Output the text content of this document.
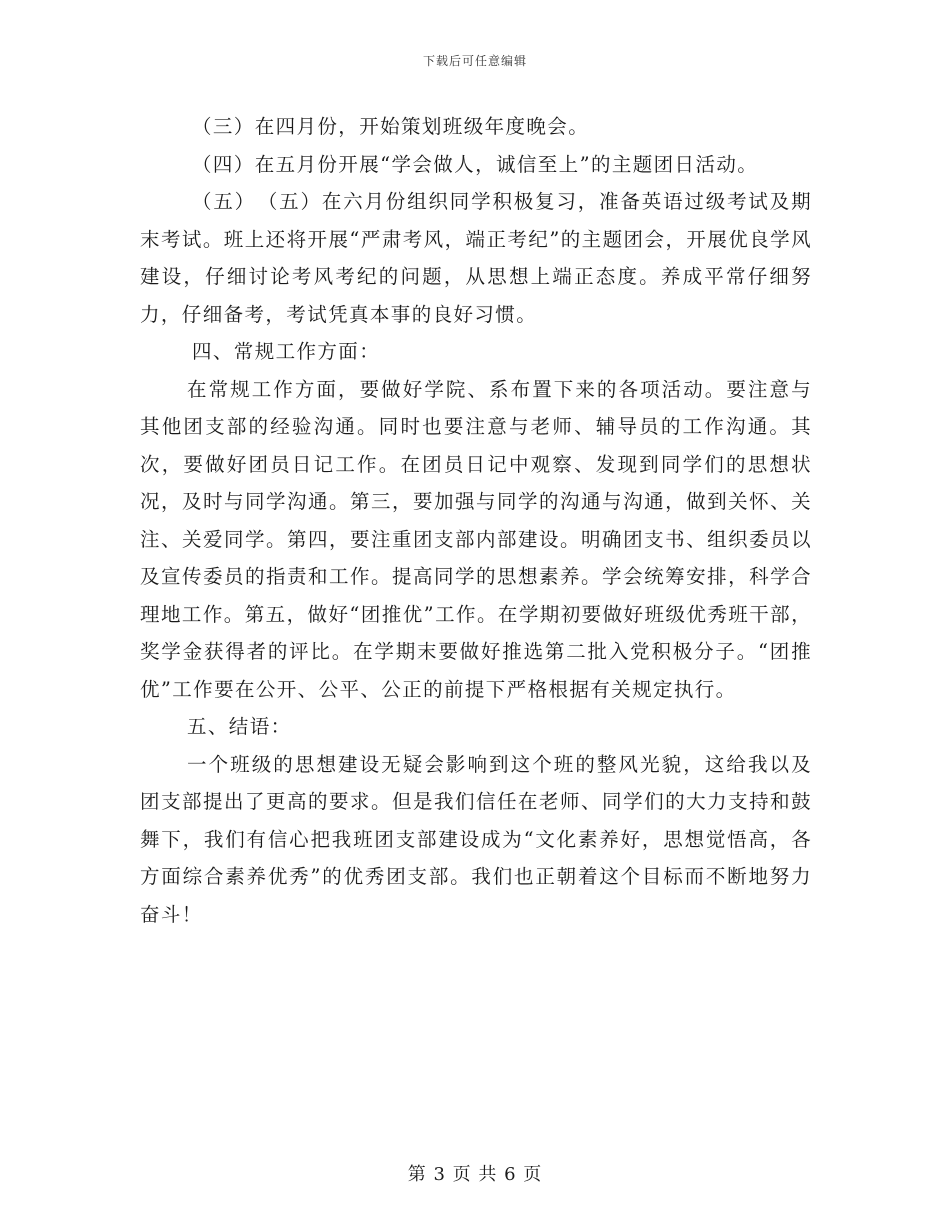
下载后可任意编辑

（三）在四月份，开始策划班级年度晚会。

（四）在五月份开展“学会做人，诚信至上”的主题团日活动。

（五）　（五）在六月份组织同学积极复习，准备英语过级考试及期末考试。班上还将开展“严肃考风，端正考纪”的主题团会，开展优良学风建设，仔细讨论考风考纪的问题，从思想上端正态度。养成平常仔细努力，仔细备考，考试凭真本事的良好习惯。

四、常规工作方面：

在常规工作方面，要做好学院、系布置下来的各项活动。要注意与其他团支部的经验沟通。同时也要注意与老师、辅导员的工作沟通。其次，要做好团员日记工作。在团员日记中观察、发现到同学们的思想状况，及时与同学沟通。第三，要加强与同学的沟通与沟通，做到关怀、关注、关爱同学。第四，要注重团支部内部建设。明确团支书、组织委员以及宣传委员的指责和工作。提高同学的思想素养。学会统筹安排，科学合理地工作。第五，做好“团推优”工作。在学期初要做好班级优秀班干部，奖学金获得者的评比。在学期末要做好推选第二批入党积极分子。“团推优”工作要在公开、公平、公正的前提下严格根据有关规定执行。

五、结语：

一个班级的思想建设无疑会影响到这个班的整风光貌，这给我以及团支部提出了更高的要求。但是我们信任在老师、同学们的大力支持和鼓舞下，我们有信心把我班团支部建设成为“文化素养好，思想觉悟高，各方面综合素养优秀”的优秀团支部。我们也正朝着这个目标而不断地努力奋斗！

第 3 页 共 6 页
